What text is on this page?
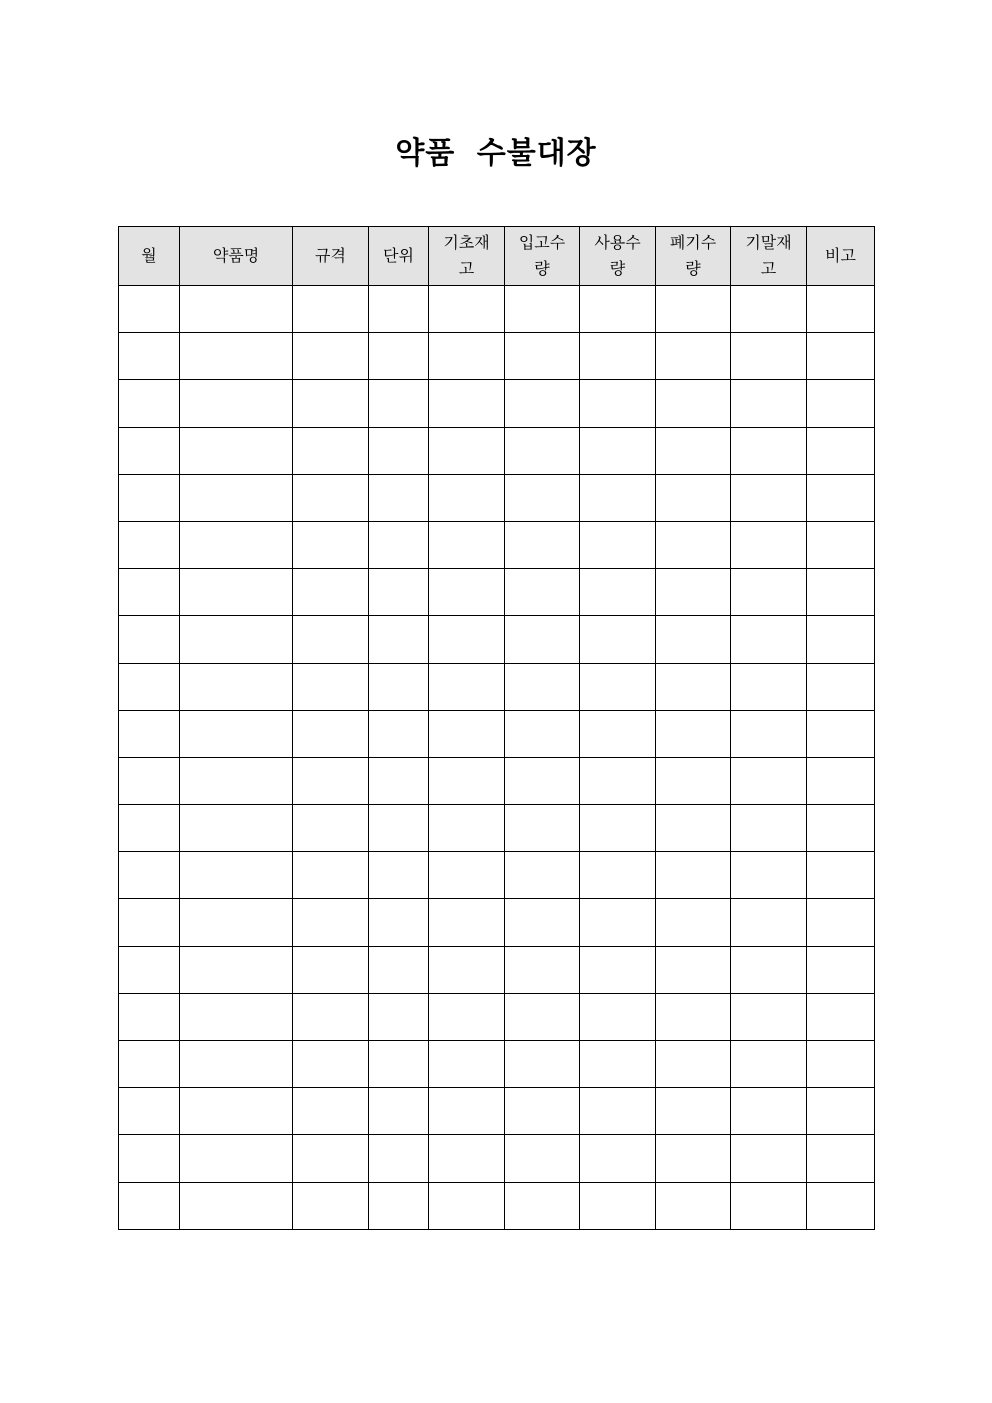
약품 수불대장
월	약품명	규격	단위	기초재고	입고수량	사용수량	폐기수량	기말재고	비고
